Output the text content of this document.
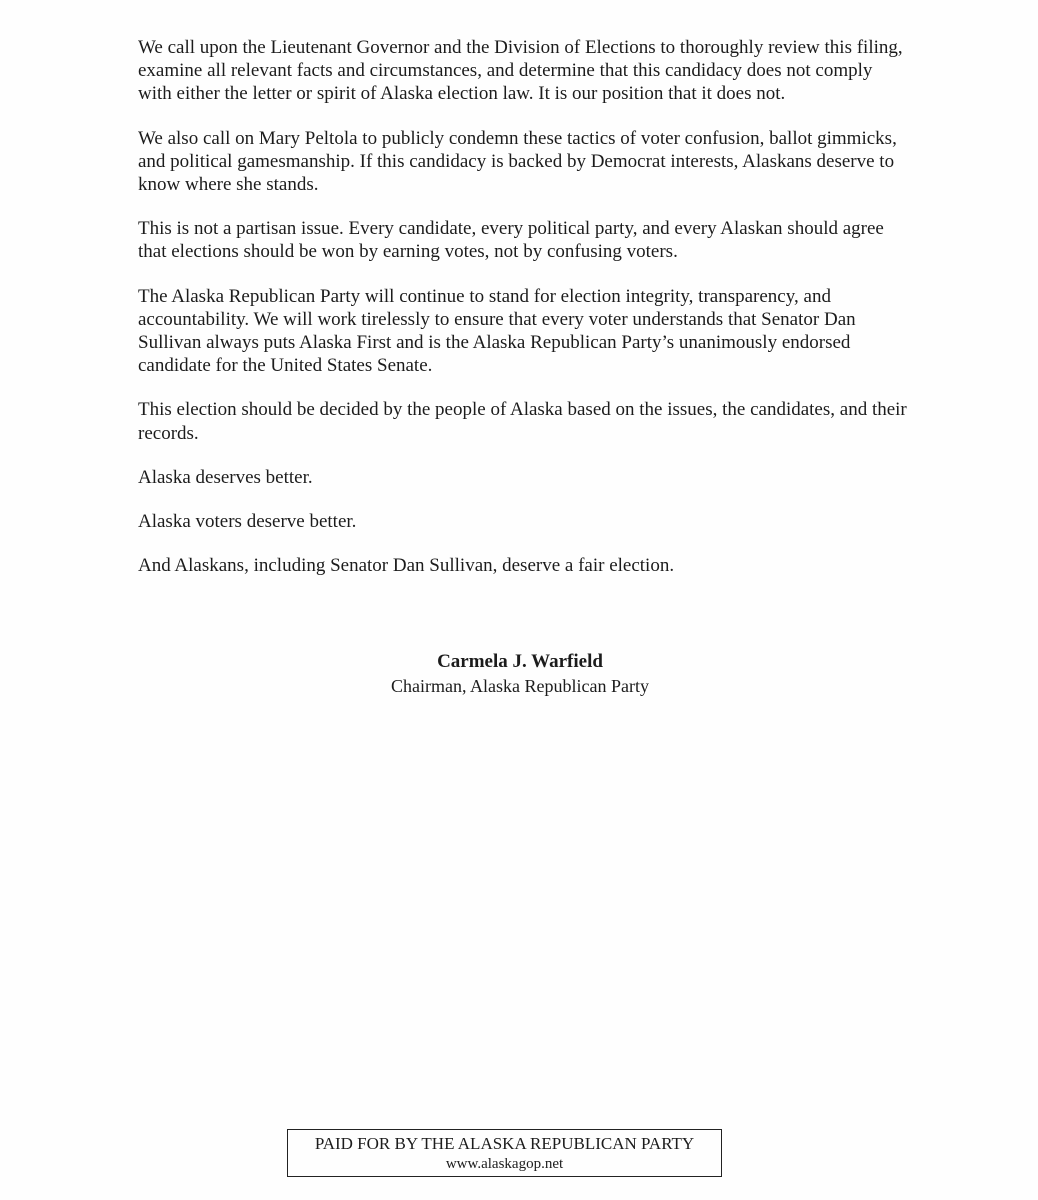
We call upon the Lieutenant Governor and the Division of Elections to thoroughly review this filing, examine all relevant facts and circumstances, and determine that this candidacy does not comply with either the letter or spirit of Alaska election law. It is our position that it does not.

We also call on Mary Peltola to publicly condemn these tactics of voter confusion, ballot gimmicks, and political gamesmanship. If this candidacy is backed by Democrat interests, Alaskans deserve to know where she stands.

This is not a partisan issue. Every candidate, every political party, and every Alaskan should agree that elections should be won by earning votes, not by confusing voters.

The Alaska Republican Party will continue to stand for election integrity, transparency, and accountability. We will work tirelessly to ensure that every voter understands that Senator Dan Sullivan always puts Alaska First and is the Alaska Republican Party’s unanimously endorsed candidate for the United States Senate.

This election should be decided by the people of Alaska based on the issues, the candidates, and their records.

Alaska deserves better.

Alaska voters deserve better.

And Alaskans, including Senator Dan Sullivan, deserve a fair election.

Carmela J. Warfield
Chairman, Alaska Republican Party
PAID FOR BY THE ALASKA REPUBLICAN PARTY
www.alaskagop.net
